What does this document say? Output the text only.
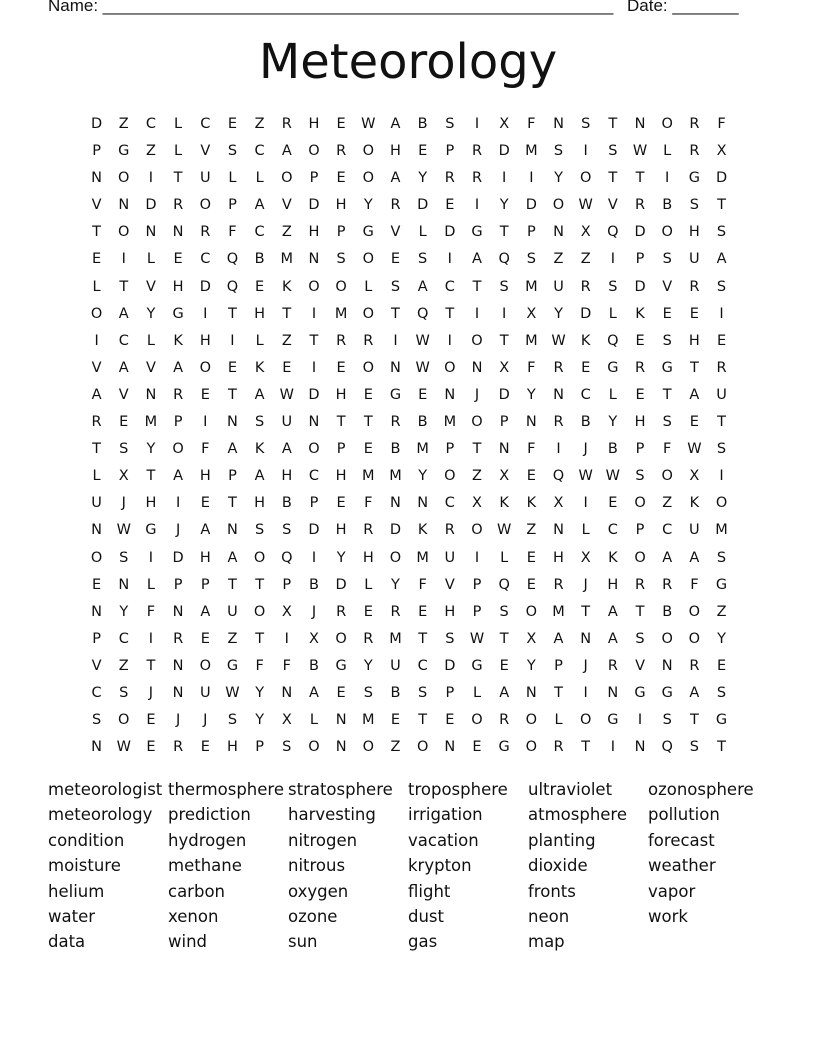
Name: ______________________________________________________ Date: _______
Meteorology
D	Z	C	L	C	E	Z	R	H	E	W	A	B	S	I	X	F	N	S	T	N	O	R	F
P	G	Z	L	V	S	C	A	O	R	O	H	E	P	R	D	M	S	I	S	W	L	R	X
N	O	I	T	U	L	L	O	P	E	O	A	Y	R	R	I	I	Y	O	T	T	I	G	D
V	N	D	R	O	P	A	V	D	H	Y	R	D	E	I	Y	D	O W	V	R	B	S	T
T	O	N	N	R	F	C	Z	H	P	G	V	L	D	G	T	P	N	X	Q	D	O	H	S
E	I	L	E	C	Q	B	M	N	S	O	E	S	I	A	Q	S	Z	Z	I	P	S	U	A
L	T	V	H	D	Q	E	K	O	O	L	S	A	C	T	S	M	U	R	S	D	V	R	S
O	A	Y	G	I	T	H	T	I	M	O	T	Q	T	I	I	X	Y	D	L	K	E	E	I
I	C	L	K	H	I	L	Z	T	R	R	I	W	I	O	T	M W	K	Q	E	S	H	E
V	A	V	A	O	E	K	E	I	E	O	N	W O	N	X	F	R	E	G	R	G	T	R
A	V	N	R	E	T	A	W D	H	E	G	E	N	J	D	Y	N	C	L	E	T	A	U
R	E	M	P	I	N	S	U	N	T	T	R	B	M	O	P	N	R	B	Y	H	S	E	T
T	S	Y	O	F	A	K	A	O	P	E	B	M	P	T	N	F	I	J	B	P	F	W	S
L	X	T	A	H	P	A	H	C	H	M	M	Y	O	Z	X	E	Q W W	S	O	X	I
U	J	H	I	E	T	H	B	P	E	F	N	N	C	X	K	K	X	I	E	O	Z	K	O
N	W G	J	A	N	S	S	D	H	R	D	K	R	O W	Z	N	L	C	P	C	U	M
O	S	I	D	H	A	O	Q	I	Y	H	O	M	U	I	L	E	H	X	K	O	A	A	S
E	N	L	P	P	T	T	P	B	D	L	Y	F	V	P	Q	E	R	J	H	R	R	F	G
N	Y	F	N	A	U	O	X	J	R	E	R	E	H	P	S	O	M	T	A	T	B	O	Z
P	C	I	R	E	Z	T	I	X	O	R	M	T	S	W	T	X	A	N	A	S	O	O	Y
V	Z	T	N	O	G	F	F	B	G	Y	U	C	D	G	E	Y	P	J	R	V	N	R	E
C	S	J	N	U	W	Y	N	A	E	S	B	S	P	L	A	N	T	I	N	G	G	A	S
S	O	E	J	J	S	Y	X	L	N	M	E	T	E	O	R	O	L	O	G	I	S	T	G
N	W	E	R	E	H	P	S	O	N	O	Z	O	N	E	G	O	R	T	I	N	Q	S	T
meteorologist thermosphere stratosphere troposphere	ultraviolet	ozonosphere
meteorology prediction	harvesting	irrigation	atmosphere	pollution
condition	hydrogen	nitrogen	vacation	planting	forecast
moisture	methane	nitrous	krypton	dioxide	weather
helium	carbon	oxygen	flight	fronts	vapor
water	xenon	ozone	dust	neon	work
data	wind	sun	gas	map
